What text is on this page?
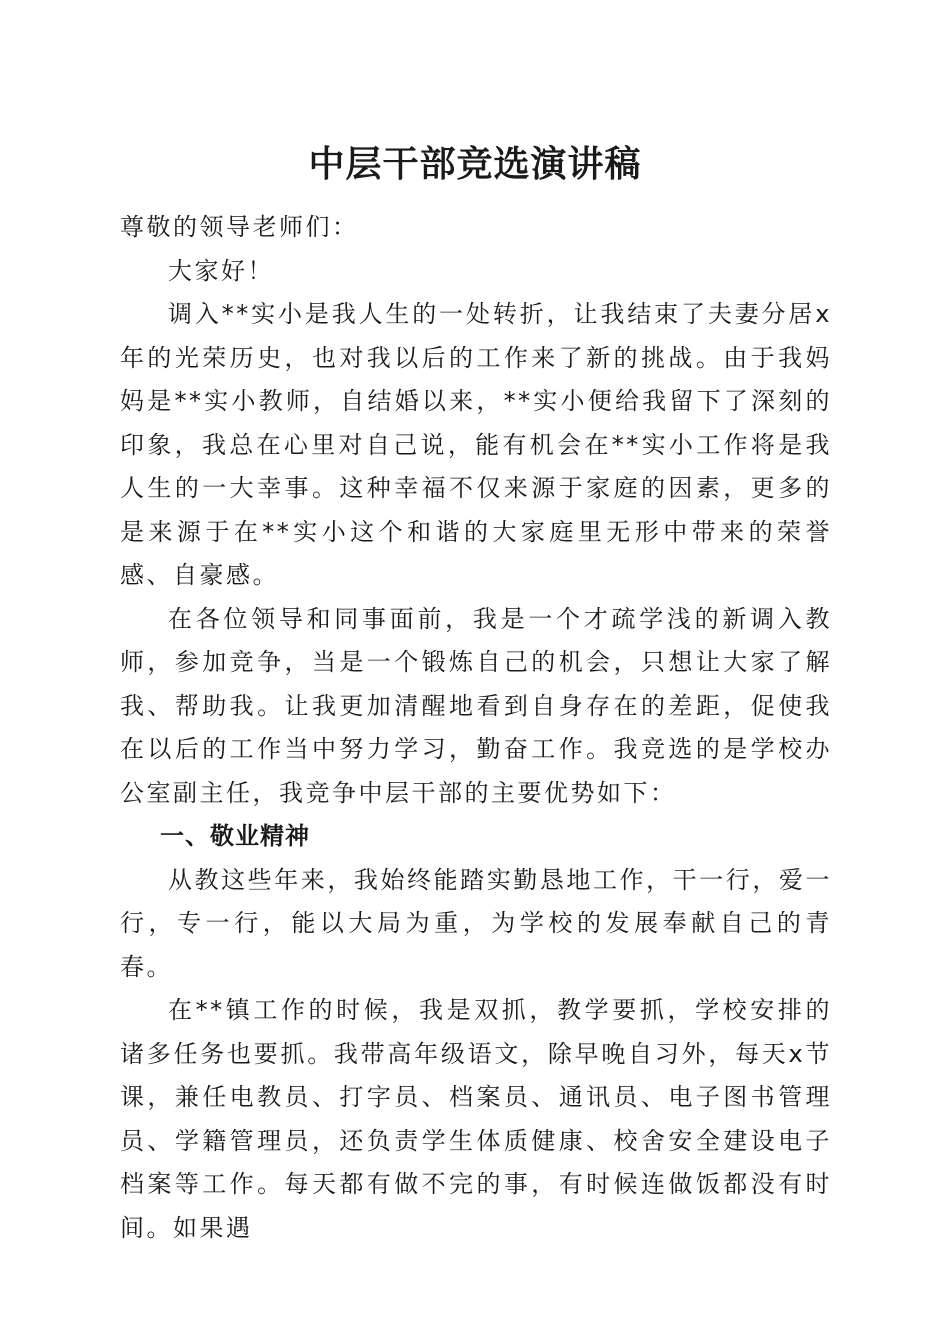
中层干部竞选演讲稿

尊敬的领导老师们：

大家好！

调入**实小是我人生的一处转折，让我结束了夫妻分居x年的光荣历史，也对我以后的工作来了新的挑战。由于我妈妈是**实小教师，自结婚以来，**实小便给我留下了深刻的印象，我总在心里对自己说，能有机会在**实小工作将是我人生的一大幸事。这种幸福不仅来源于家庭的因素，更多的是来源于在**实小这个和谐的大家庭里无形中带来的荣誉感、自豪感。

在各位领导和同事面前，我是一个才疏学浅的新调入教师，参加竞争，当是一个锻炼自己的机会，只想让大家了解我、帮助我。让我更加清醒地看到自身存在的差距，促使我在以后的工作当中努力学习，勤奋工作。我竞选的是学校办公室副主任，我竞争中层干部的主要优势如下：

一、敬业精神

从教这些年来，我始终能踏实勤恳地工作，干一行，爱一行，专一行，能以大局为重，为学校的发展奉献自己的青春。

在**镇工作的时候，我是双抓，教学要抓，学校安排的诸多任务也要抓。我带高年级语文，除早晚自习外，每天x节课，兼任电教员、打字员、档案员、通讯员、电子图书管理员、学籍管理员，还负责学生体质健康、校舍安全建设电子档案等工作。每天都有做不完的事，有时候连做饭都没有时间。如果遇
